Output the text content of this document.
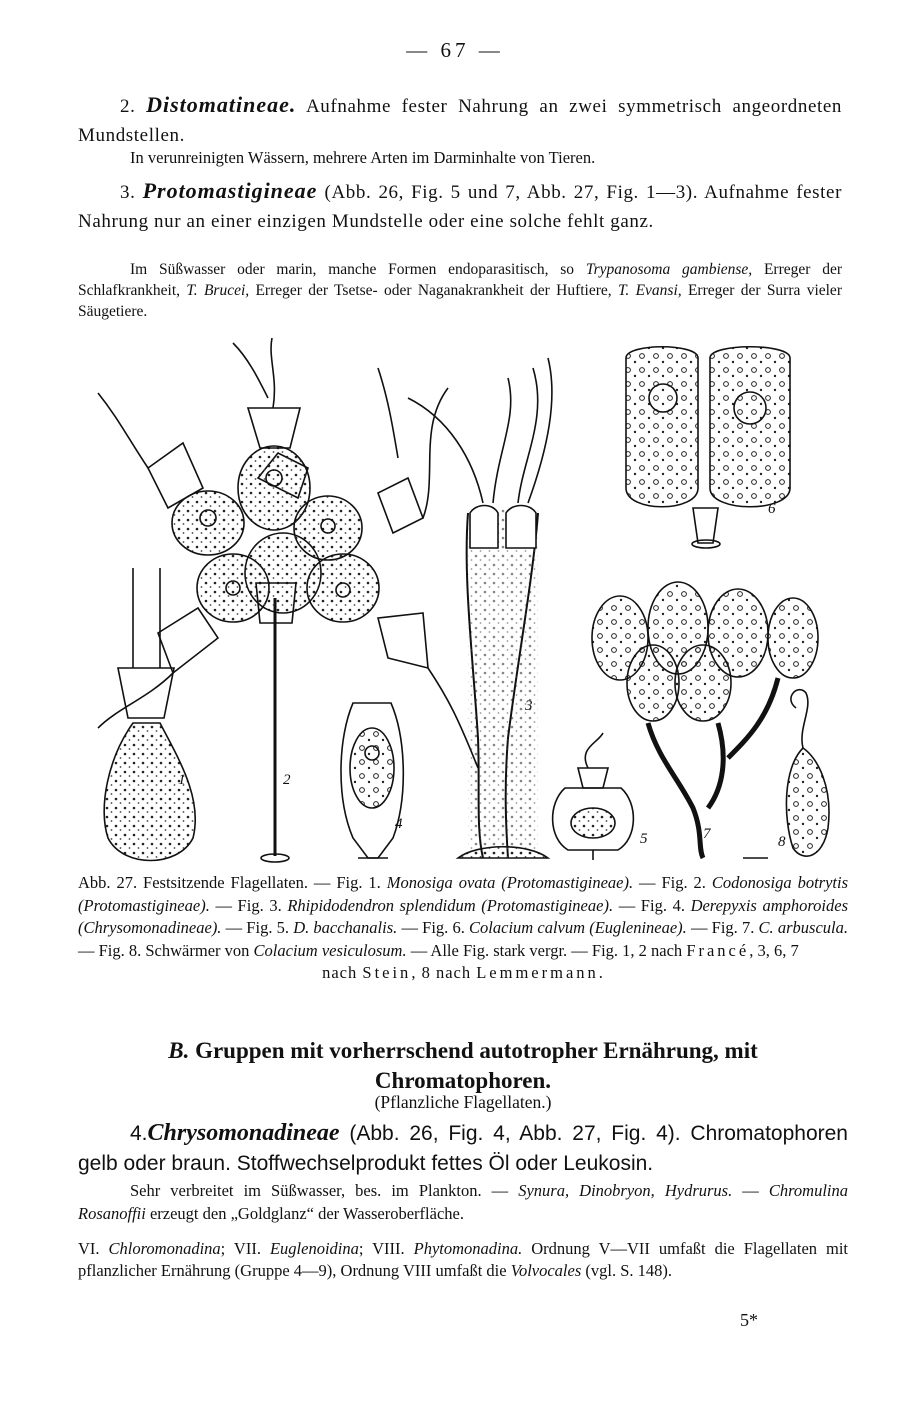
— 67 —
2. Distomatineae. Aufnahme fester Nahrung an zwei symmetrisch angeordneten Mundstellen.
In verunreinigten Wässern, mehrere Arten im Darminhalte von Tieren.
3. Protomastigineae (Abb. 26, Fig. 5 und 7, Abb. 27, Fig. 1—3). Aufnahme fester Nahrung nur an einer einzigen Mundstelle oder eine solche fehlt ganz.
Im Süßwasser oder marin, manche Formen endoparasitisch, so Trypanosoma gambiense, Erreger der Schlafkrankheit, T. Brucei, Erreger der Tsetse- oder Naganakrankheit der Huftiere, T. Evansi, Erreger der Surra vieler Säugetiere.
1	2
3
4
5
6
7	8
Abb. 27. Festsitzende Flagellaten. — Fig. 1. Monosiga ovata (Protomastigineae). — Fig. 2. Codonosiga botrytis (Protomastigineae). — Fig. 3. Rhipidodendron splendidum (Protomastigineae). — Fig. 4. Derepyxis amphoroides (Chrysomonadineae). — Fig. 5. D. bacchanalis. — Fig. 6. Colacium calvum (Euglenineae). — Fig. 7. C. arbuscula. — Fig. 8. Schwärmer von Colacium vesiculosum. — Alle Fig. stark vergr. — Fig. 1, 2 nach Francé, 3, 6, 7
nach Stein, 8 nach Lemmermann.
B. Gruppen mit vorherrschend autotropher Ernährung, mit Chromatophoren.
(Pflanzliche Flagellaten.)
4.Chrysomonadineae (Abb. 26, Fig. 4, Abb. 27, Fig. 4). Chromatophoren gelb oder braun. Stoffwechselprodukt fettes Öl oder Leukosin.
Sehr verbreitet im Süßwasser, bes. im Plankton. — Synura, Dinobryon, Hydrurus. — Chromulina Rosanoffii erzeugt den „Goldglanz“ der Wasseroberfläche.
VI. Chloromonadina; VII. Euglenoidina; VIII. Phytomonadina. Ordnung V—VII umfaßt die Flagellaten mit pflanzlicher Ernährung (Gruppe 4—9), Ordnung VIII umfaßt die Volvocales (vgl. S. 148).
5*
